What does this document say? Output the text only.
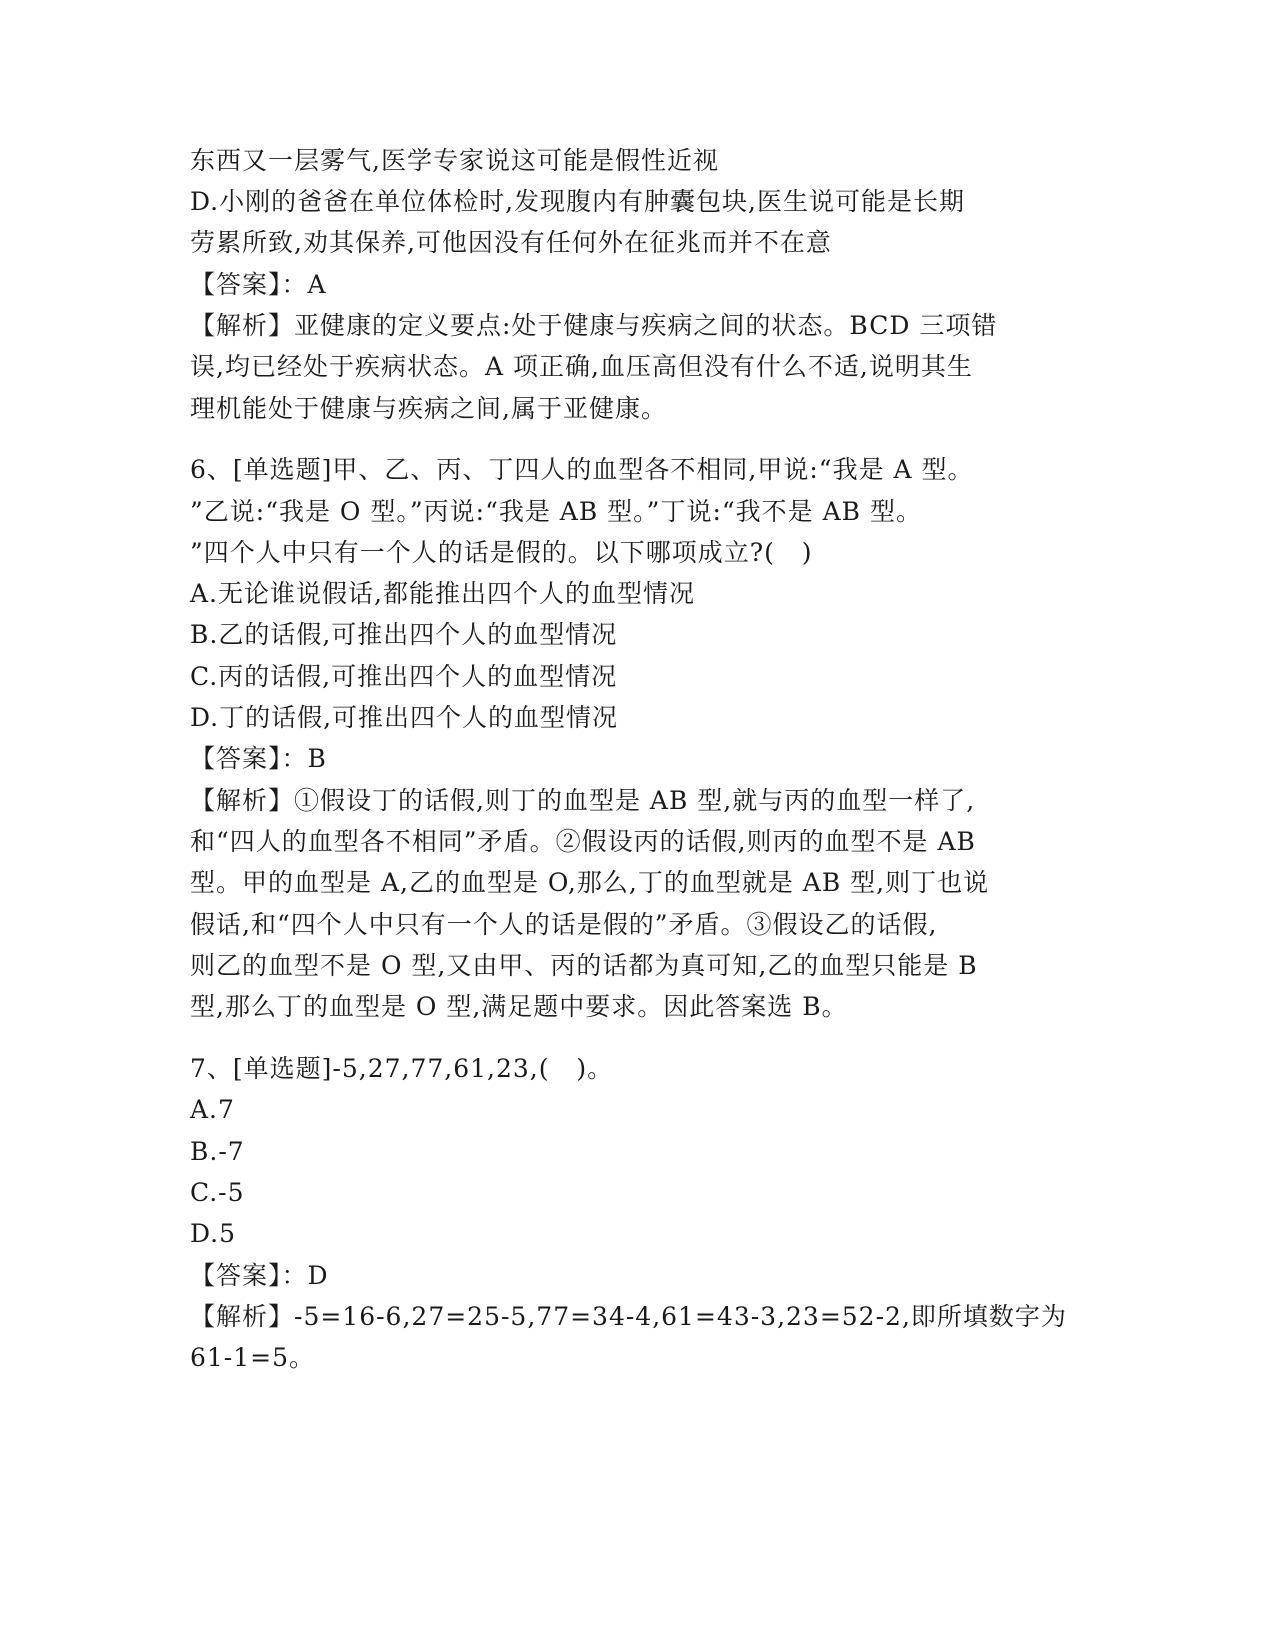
东西又一层雾气,医学专家说这可能是假性近视
D.小刚的爸爸在单位体检时,发现腹内有肿囊包块,医生说可能是长期
劳累所致,劝其保养,可他因没有任何外在征兆而并不在意
【答案】：A
【解析】亚健康的定义要点:处于健康与疾病之间的状态。BCD 三项错
误,均已经处于疾病状态。A 项正确,血压高但没有什么不适,说明其生
理机能处于健康与疾病之间,属于亚健康。
6、[单选题]甲、乙、丙、丁四人的血型各不相同,甲说:“我是 A 型。
”乙说:“我是 O 型。”丙说:“我是 AB 型。”丁说:“我不是 AB 型。
”四个人中只有一个人的话是假的。以下哪项成立?(   )
A.无论谁说假话,都能推出四个人的血型情况
B.乙的话假,可推出四个人的血型情况
C.丙的话假,可推出四个人的血型情况
D.丁的话假,可推出四个人的血型情况
【答案】：B
【解析】①假设丁的话假,则丁的血型是 AB 型,就与丙的血型一样了,
和“四人的血型各不相同”矛盾。②假设丙的话假,则丙的血型不是 AB
型。甲的血型是 A,乙的血型是 O,那么,丁的血型就是 AB 型,则丁也说
假话,和“四个人中只有一个人的话是假的”矛盾。③假设乙的话假,
则乙的血型不是 O 型,又由甲、丙的话都为真可知,乙的血型只能是 B
型,那么丁的血型是 O 型,满足题中要求。因此答案选 B。
7、[单选题]-5,27,77,61,23,(   )。
A.7
B.-7
C.-5
D.5
【答案】：D
【解析】-5=16-6,27=25-5,77=34-4,61=43-3,23=52-2,即所填数字为
61-1=5。
